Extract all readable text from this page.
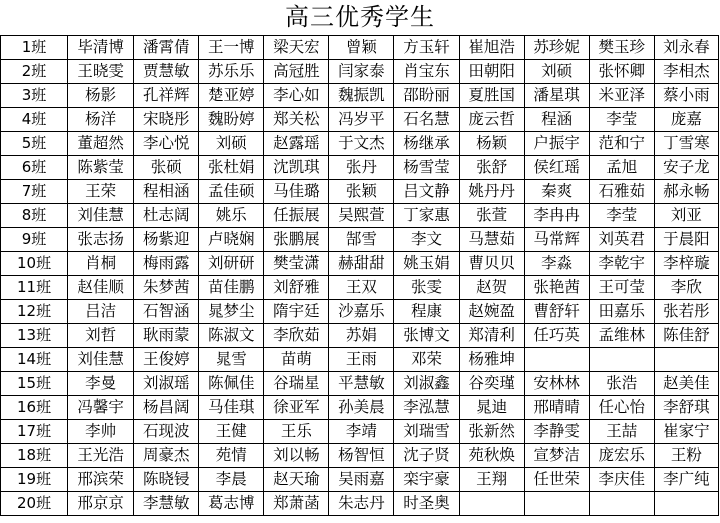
高三优秀学生
1班	毕清博	潘霄倩	王一博	梁天宏	曾颖	方玉轩	崔旭浩	苏珍妮	樊玉珍	刘永春
2班	王晓雯	贾慧敏	苏乐乐	高冠胜	闫家泰	肖宝东	田朝阳	刘硕	张怀卿	李相杰
3班	杨影	孔祥辉	楚亚婷	李心如	魏振凯	邵盼丽	夏胜国	潘星琪	米亚泽	蔡小雨
4班	杨洋	宋晓彤	魏盼婷	郑关松	冯岁平	石名慧	庞云哲	程涵	李莹	庞嘉
5班	董超然	李心悦	刘硕	赵露瑶	于文杰	杨继承	杨颖	户振宇	范和宁	丁雪寒
6班	陈紫莹	张硕	张杜娟	沈凯琪	张丹	杨雪莹	张舒	侯红瑶	孟旭	安子龙
7班	王荣	程相涵	孟佳硕	马佳璐	张颖	吕文静	姚丹丹	秦爽	石雅茹	郝永畅
8班	刘佳慧	杜志阔	姚乐	任振展	吴熙萱	丁家惠	张萱	李冉冉	李莹	刘亚
9班	张志扬	杨紫迎	卢晓娴	张鹏展	郜雪	李文	马慧茹	马常辉	刘英君	于晨阳
10班	肖桐	梅雨露	刘研研	樊莹潇	赫甜甜	姚玉娟	曹贝贝	李淼	李乾宇	李梓璇
11班	赵佳顺	朱梦茜	苗佳鹏	刘舒雅	王双	张雯	赵贺	张艳茜	王可莹	李欣
12班	吕洁	石智涵	晁梦尘	隋宇廷	沙嘉乐	程康	赵婉盈	曹舒轩	田嘉乐	张若彤
13班	刘哲	耿雨蒙	陈淑文	李欣茹	苏娟	张博文	郑清利	任巧英	孟维林	陈佳舒
14班	刘佳慧	王俊婷	晁雪	苗萌	王雨	邓荣	杨雅坤			
15班	李曼	刘淑瑶	陈佩佳	谷瑞星	平慧敏	刘淑鑫	谷奕瑾	安林林	张浩	赵美佳
16班	冯馨宇	杨昌阔	马佳琪	徐亚军	孙美晨	李泓慧	晁迪	邢晴晴	任心怡	李舒琪
17班	李帅	石现波	王健	王乐	李靖	刘瑞雪	张新然	李静雯	王喆	崔家宁
18班	王光浩	周豪杰	苑情	刘以畅	杨智恒	沈子贤	苑秋焕	宣梦洁	庞宏乐	王粉
19班	邢滨荣	陈晓锓	李晨	赵天瑜	吴雨嘉	栾宇豪	王翔	任世荣	李庆佳	李广纯
20班	邢京京	李慧敏	葛志博	郑萧菡	朱志丹	时圣奥				
